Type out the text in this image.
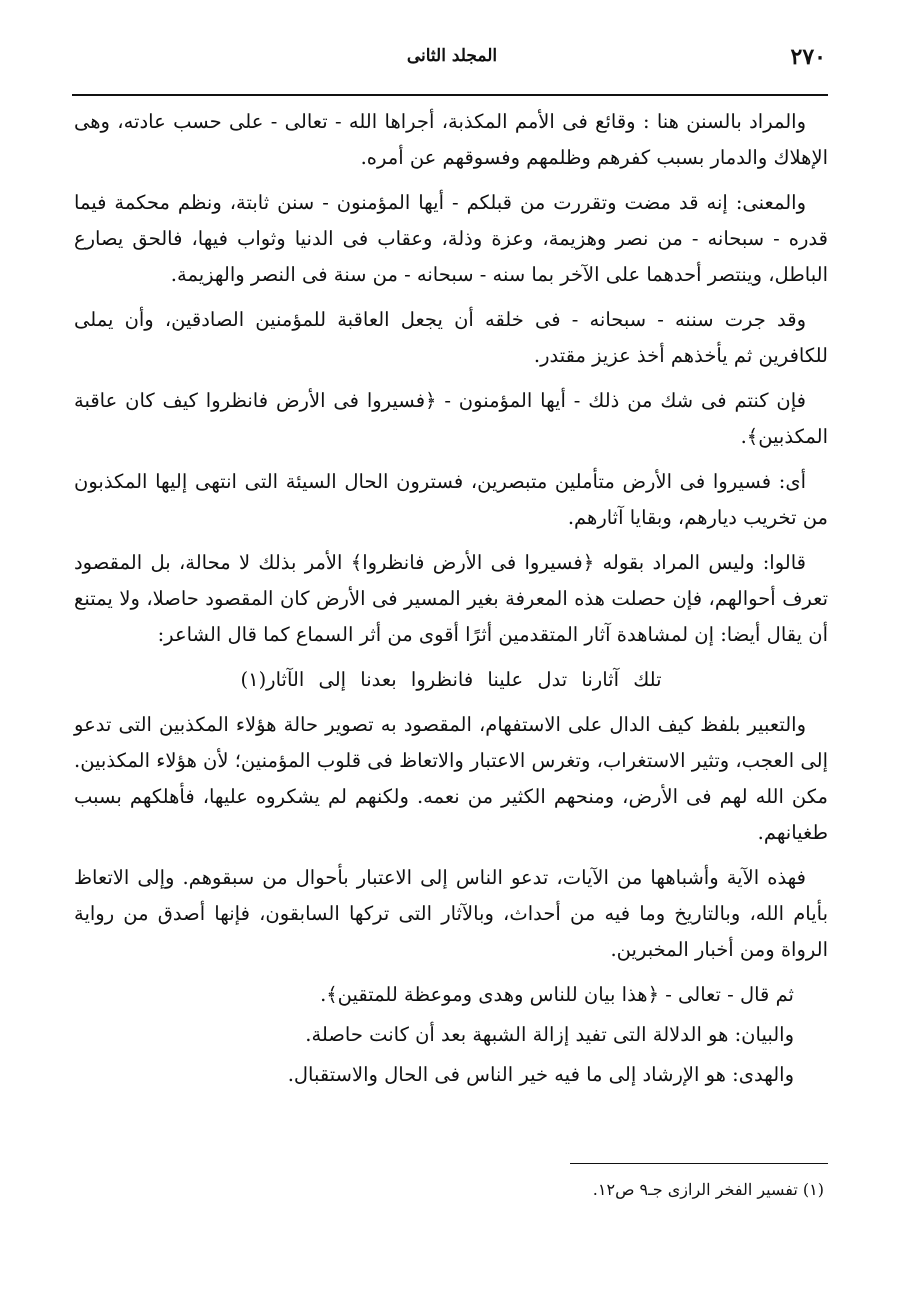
٢٧٠
المجلد الثانى

والمراد بالسنن هنا : وقائع فى الأمم المكذبة، أجراها الله - تعالى - على حسب عادته، وهى الإهلاك والدمار بسبب كفرهم وظلمهم وفسوقهم عن أمره.

والمعنى: إنه قد مضت وتقررت من قبلكم - أيها المؤمنون - سنن ثابتة، ونظم محكمة فيما قدره - سبحانه - من نصر وهزيمة، وعزة وذلة، وعقاب فى الدنيا وثواب فيها، فالحق يصارع الباطل، وينتصر أحدهما على الآخر بما سنه - سبحانه - من سنة فى النصر والهزيمة.

وقد جرت سننه - سبحانه - فى خلقه أن يجعل العاقبة للمؤمنين الصادقين، وأن يملى للكافرين ثم يأخذهم أخذ عزيز مقتدر.

فإن كنتم فى شك من ذلك - أيها المؤمنون - ﴿فسيروا فى الأرض فانظروا كيف كان عاقبة المكذبين﴾.

أى: فسيروا فى الأرض متأملين متبصرين، فسترون الحال السيئة التى انتهى إليها المكذبون من تخريب ديارهم، وبقايا آثارهم.

قالوا: وليس المراد بقوله ﴿فسيروا فى الأرض فانظروا﴾ الأمر بذلك لا محالة، بل المقصود تعرف أحوالهم، فإن حصلت هذه المعرفة بغير المسير فى الأرض كان المقصود حاصلا، ولا يمتنع أن يقال أيضا: إن لمشاهدة آثار المتقدمين أثرًا أقوى من أثر السماع كما قال الشاعر:

تلك آثارنا تدل علينا فانظروا بعدنا إلى الآثار(١)

والتعبير بلفظ كيف الدال على الاستفهام، المقصود به تصوير حالة هؤلاء المكذبين التى تدعو إلى العجب، وتثير الاستغراب، وتغرس الاعتبار والاتعاظ فى قلوب المؤمنين؛ لأن هؤلاء المكذبين. مكن الله لهم فى الأرض، ومنحهم الكثير من نعمه. ولكنهم لم يشكروه عليها، فأهلكهم بسبب طغيانهم.

فهذه الآية وأشباهها من الآيات، تدعو الناس إلى الاعتبار بأحوال من سبقوهم. وإلى الاتعاظ بأيام الله، وبالتاريخ وما فيه من أحداث، وبالآثار التى تركها السابقون، فإنها أصدق من رواية الرواة ومن أخبار المخبرين.

ثم قال - تعالى - ﴿هذا بيان للناس وهدى وموعظة للمتقين﴾.

والبيان: هو الدلالة التى تفيد إزالة الشبهة بعد أن كانت حاصلة.

والهدى: هو الإرشاد إلى ما فيه خير الناس فى الحال والاستقبال.

(١) تفسير الفخر الرازى جـ٩ ص١٢.
